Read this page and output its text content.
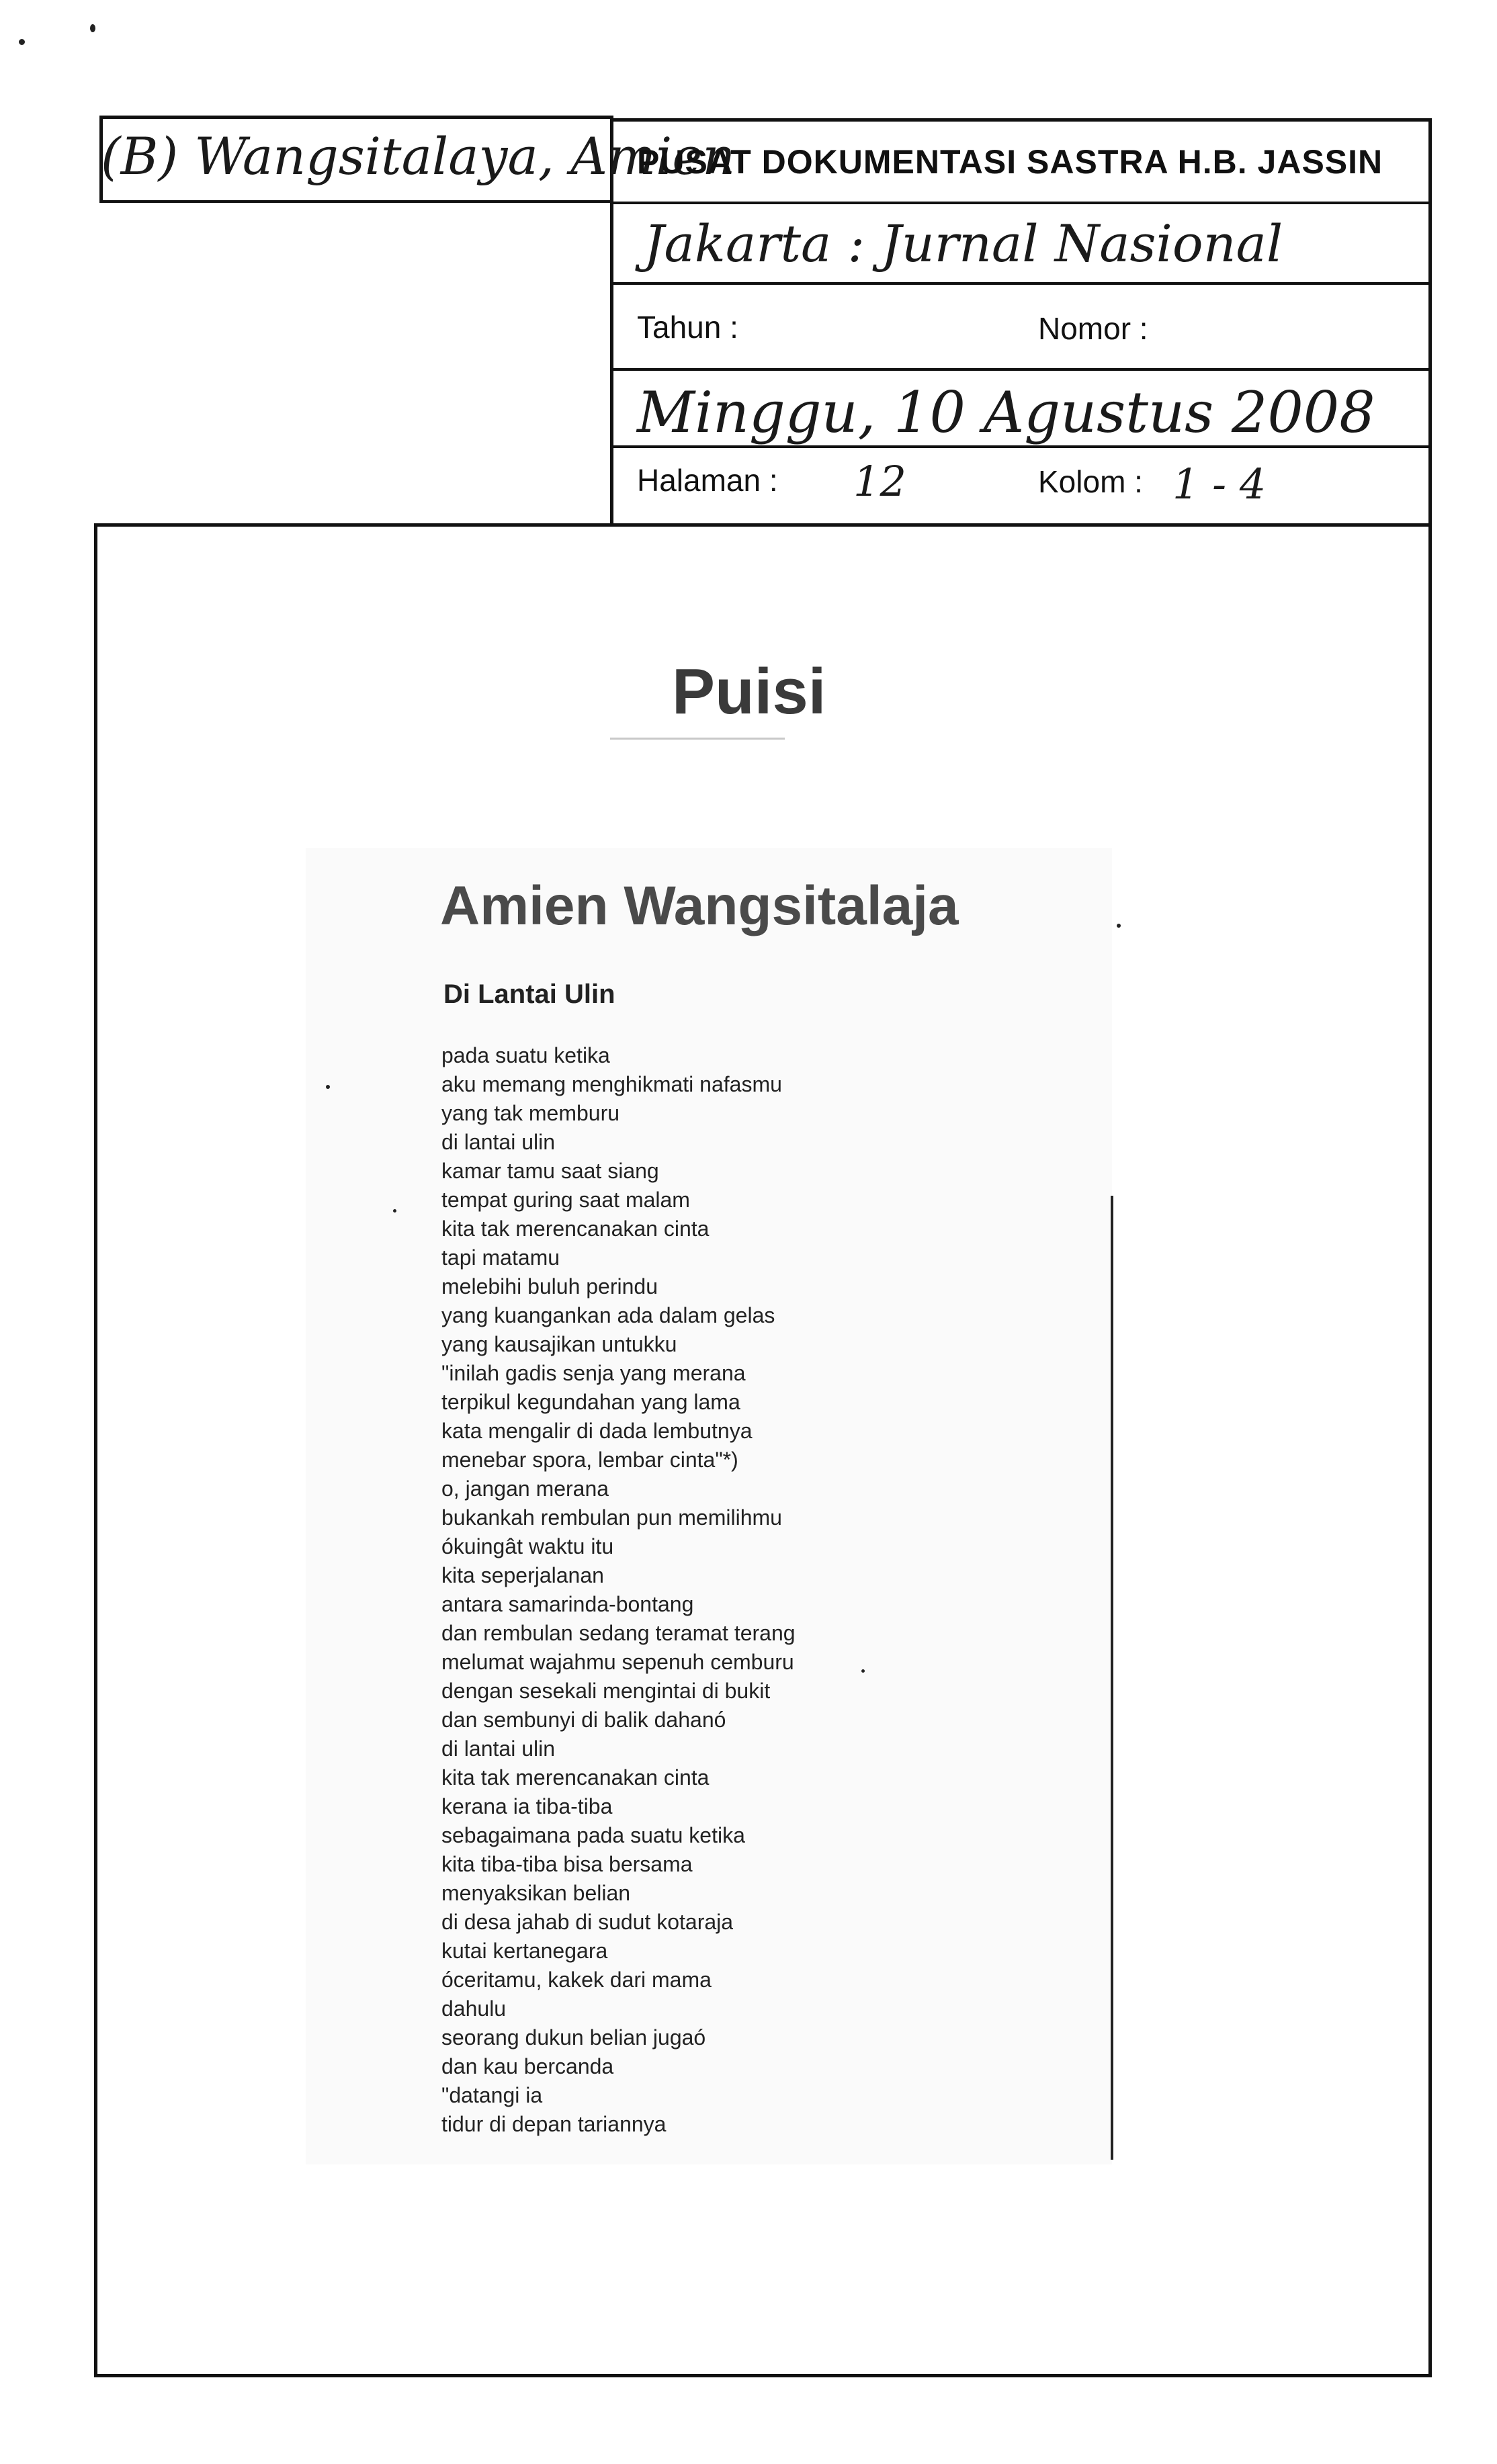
(B) Wangsitalaya, Amien
PUSAT DOKUMENTASI SASTRA H.B. JASSIN
Jakarta : Jurnal Nasional
Tahun :	Nomor :
Minggu, 10 Agustus 2008
Halaman : 12	Kolom : 1 - 4
Puisi
Amien Wangsitalaja
Di Lantai Ulin
pada suatu ketika
aku memang menghikmati nafasmu
yang tak memburu
di lantai ulin
kamar tamu saat siang
tempat guring saat malam
kita tak merencanakan cinta
tapi matamu
melebihi buluh perindu
yang kuangankan ada dalam gelas
yang kausajikan untukku
"inilah gadis senja yang merana
terpikul kegundahan yang lama
kata mengalir di dada lembutnya
menebar spora, lembar cinta"*)
o, jangan merana
bukankah rembulan pun memilihmu
ókuingât waktu itu
kita seperjalanan
antara samarinda-bontang
dan rembulan sedang teramat terang
melumat wajahmu sepenuh cemburu
dengan sesekali mengintai di bukit
dan sembunyi di balik dahanó
di lantai ulin
kita tak merencanakan cinta
kerana ia tiba-tiba
sebagaimana pada suatu ketika
kita tiba-tiba bisa bersama
menyaksikan belian
di desa jahab di sudut kotaraja
kutai kertanegara
óceritamu, kakek dari mama
dahulu
seorang dukun belian jugaó
dan kau bercanda
"datangi ia
tidur di depan tariannya
